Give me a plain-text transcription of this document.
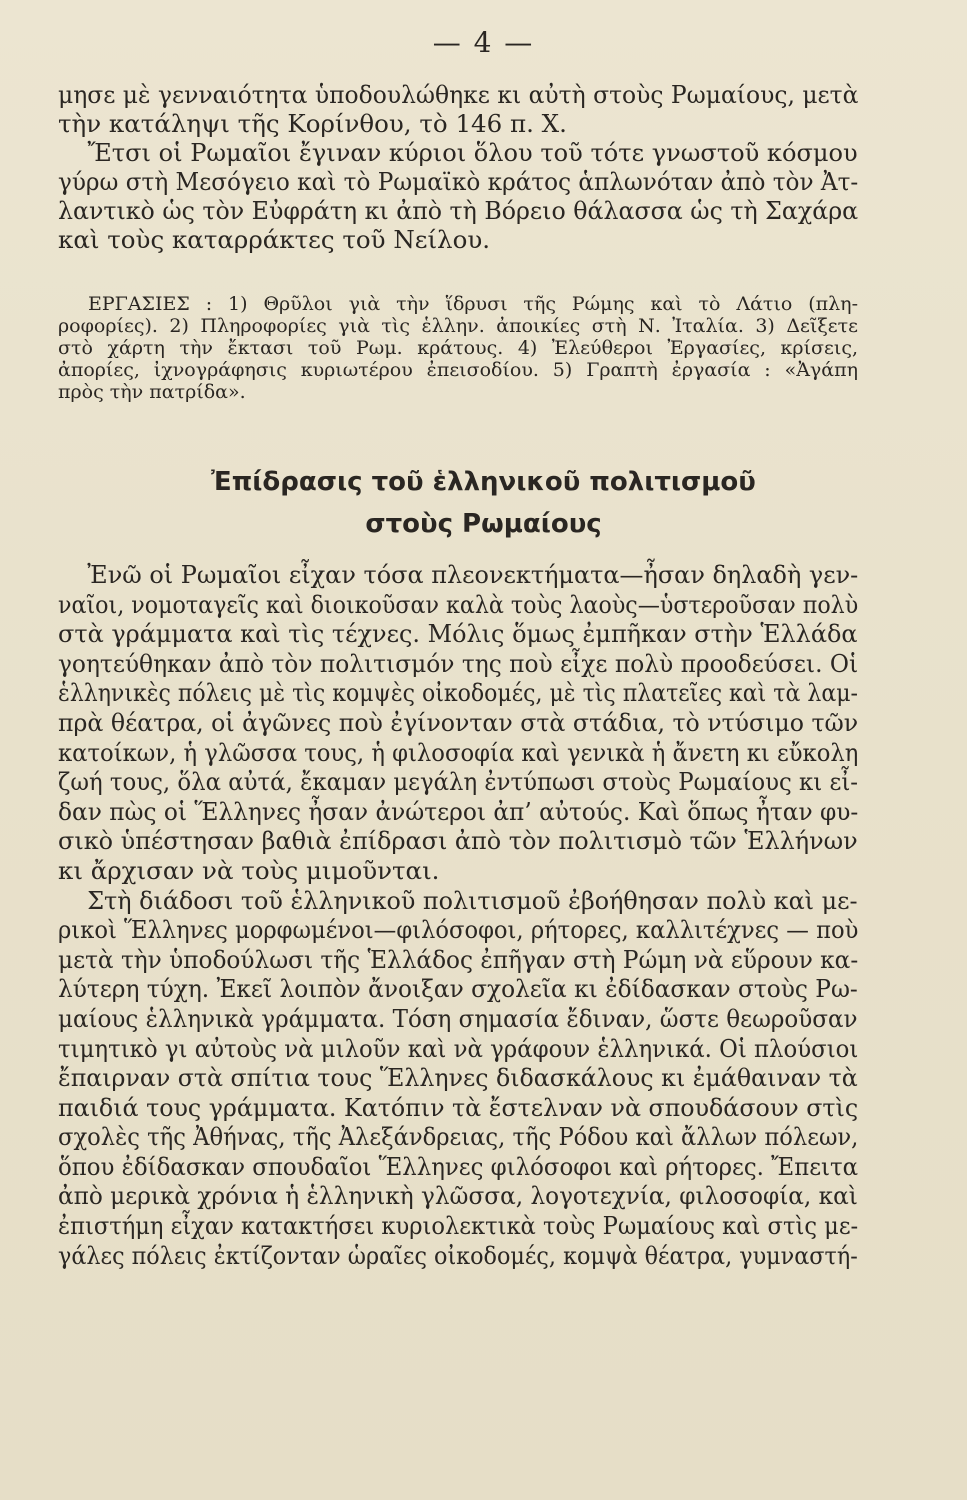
— 4 —
μησε μὲ γενναιότητα ὑποδουλώθηκε κι αὐτὴ στοὺς Ρωμαίους, μετὰ
τὴν κατάληψι τῆς Κορίνθου, τὸ 146 π. Χ.
Ἔτσι οἱ Ρωμαῖοι ἔγιναν κύριοι ὅλου τοῦ τότε γνωστοῦ κόσμου
γύρω στὴ Μεσόγειο καὶ τὸ Ρωμαϊκὸ κράτος ἁπλωνόταν ἀπὸ τὸν Ἀτ-
λαντικὸ ὡς τὸν Εὐφράτη κι ἀπὸ τὴ Βόρειο θάλασσα ὡς τὴ Σαχάρα
καὶ τοὺς καταρράκτες τοῦ Νείλου.
ΕΡΓΑΣΙΕΣ : 1) Θρῦλοι γιὰ τὴν ἵδρυσι τῆς Ρώμης καὶ τὸ Λάτιο (πλη-
ροφορίες). 2) Πληροφορίες γιὰ τὶς ἑλλην. ἀποικίες στὴ Ν. Ἰταλία. 3) Δεῖξετε
στὸ χάρτη τὴν ἔκτασι τοῦ Ρωμ. κράτους. 4) Ἐλεύθεροι Ἐργασίες, κρίσεις,
ἀπορίες, ἰχνογράφησις κυριωτέρου ἐπεισοδίου. 5) Γραπτὴ ἐργασία : «Ἀγάπη
πρὸς τὴν πατρίδα».
Ἐπίδρασις τοῦ ἑλληνικοῦ πολιτισμοῦ
στοὺς Ρωμαίους
Ἐνῶ οἱ Ρωμαῖοι εἶχαν τόσα πλεονεκτήματα—ἦσαν δηλαδὴ γεν-
ναῖοι, νομοταγεῖς καὶ διοικοῦσαν καλὰ τοὺς λαοὺς—ὑστεροῦσαν πολὺ
στὰ γράμματα καὶ τὶς τέχνες. Μόλις ὅμως ἐμπῆκαν στὴν Ἑλλάδα
γοητεύθηκαν ἀπὸ τὸν πολιτισμόν της ποὺ εἶχε πολὺ προοδεύσει. Οἱ
ἑλληνικὲς πόλεις μὲ τὶς κομψὲς οἰκοδομές, μὲ τὶς πλατεῖες καὶ τὰ λαμ-
πρὰ θέατρα, οἱ ἀγῶνες ποὺ ἐγίνονταν στὰ στάδια, τὸ ντύσιμο τῶν
κατοίκων, ἡ γλῶσσα τους, ἡ φιλοσοφία καὶ γενικὰ ἡ ἄνετη κι εὔκολη
ζωή τους, ὅλα αὐτά, ἔκαμαν μεγάλη ἐντύπωσι στοὺς Ρωμαίους κι εἶ-
δαν πὼς οἱ Ἕλληνες ἦσαν ἀνώτεροι ἀπ’ αὐτούς. Καὶ ὅπως ἦταν φυ-
σικὸ ὑπέστησαν βαθιὰ ἐπίδρασι ἀπὸ τὸν πολιτισμὸ τῶν Ἑλλήνων
κι ἄρχισαν νὰ τοὺς μιμοῦνται.
Στὴ διάδοσι τοῦ ἑλληνικοῦ πολιτισμοῦ ἐβοήθησαν πολὺ καὶ με-
ρικοὶ Ἕλληνες μορφωμένοι—φιλόσοφοι, ρήτορες, καλλιτέχνες — ποὺ
μετὰ τὴν ὑποδούλωσι τῆς Ἑλλάδος ἐπῆγαν στὴ Ρώμη νὰ εὕρουν κα-
λύτερη τύχη. Ἐκεῖ λοιπὸν ἄνοιξαν σχολεῖα κι ἐδίδασκαν στοὺς Ρω-
μαίους ἑλληνικὰ γράμματα. Τόση σημασία ἔδιναν, ὥστε θεωροῦσαν
τιμητικὸ γι αὐτοὺς νὰ μιλοῦν καὶ νὰ γράφουν ἑλληνικά. Οἱ πλούσιοι
ἔπαιρναν στὰ σπίτια τους Ἕλληνες διδασκάλους κι ἐμάθαιναν τὰ
παιδιά τους γράμματα. Κατόπιν τὰ ἔστελναν νὰ σπουδάσουν στὶς
σχολὲς τῆς Ἀθήνας, τῆς Ἀλεξάνδρειας, τῆς Ρόδου καὶ ἄλλων πόλεων,
ὅπου ἐδίδασκαν σπουδαῖοι Ἕλληνες φιλόσοφοι καὶ ρήτορες. Ἔπειτα
ἀπὸ μερικὰ χρόνια ἡ ἑλληνικὴ γλῶσσα, λογοτεχνία, φιλοσοφία, καὶ
ἐπιστήμη εἶχαν κατακτήσει κυριολεκτικὰ τοὺς Ρωμαίους καὶ στὶς με-
γάλες πόλεις ἐκτίζονταν ὡραῖες οἰκοδομές, κομψὰ θέατρα, γυμναστή-
